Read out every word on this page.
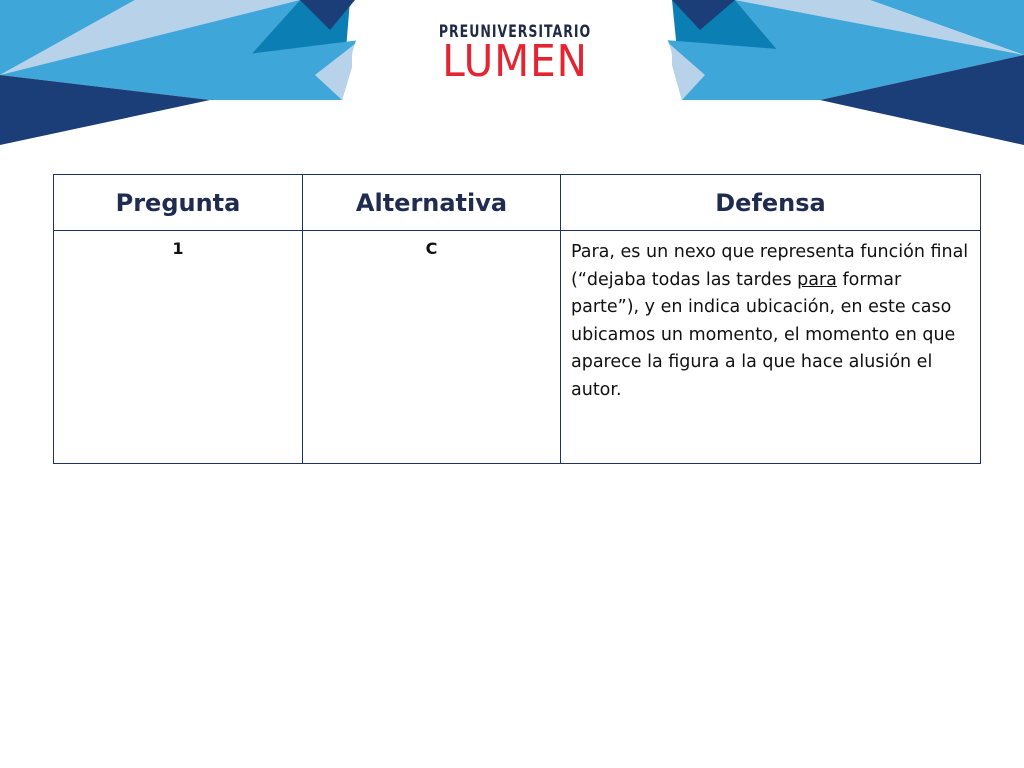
PREUNIVERSITARIO
LUMEN
Pregunta	Alternativa	Defensa
1	C	Para, es un nexo que representa función final (“dejaba todas las tardes para formar parte”), y en indica ubicación, en este caso ubicamos un momento, el momento en que aparece la figura a la que hace alusión el autor.
